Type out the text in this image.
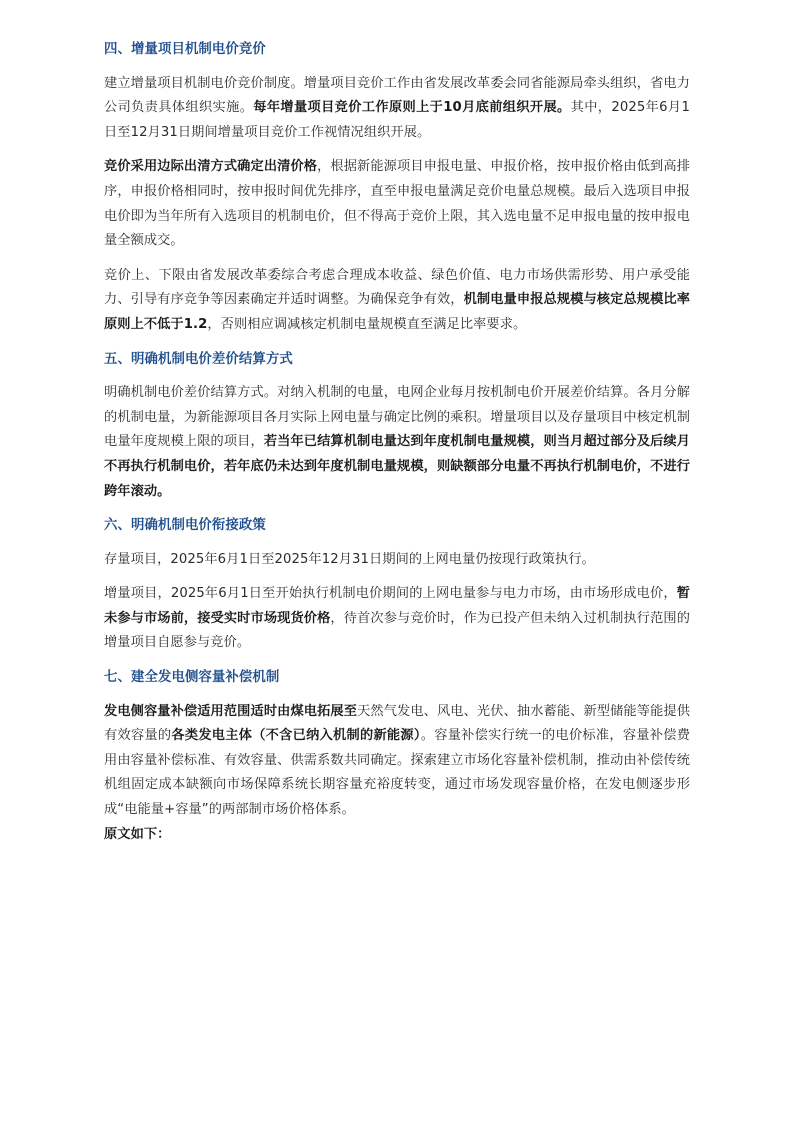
四、增量项目机制电价竞价

建立增量项目机制电价竞价制度。增量项目竞价工作由省发展改革委会同省能源局牵头组织，省电力公司负责具体组织实施。每年增量项目竞价工作原则上于10月底前组织开展。其中，2025年6月1日至12月31日期间增量项目竞价工作视情况组织开展。

竞价采用边际出清方式确定出清价格，根据新能源项目申报电量、申报价格，按申报价格由低到高排序，申报价格相同时，按申报时间优先排序，直至申报电量满足竞价电量总规模。最后入选项目申报电价即为当年所有入选项目的机制电价，但不得高于竞价上限，其入选电量不足申报电量的按申报电量全额成交。

竞价上、下限由省发展改革委综合考虑合理成本收益、绿色价值、电力市场供需形势、用户承受能力、引导有序竞争等因素确定并适时调整。为确保竞争有效，机制电量申报总规模与核定总规模比率原则上不低于1.2，否则相应调减核定机制电量规模直至满足比率要求。

五、明确机制电价差价结算方式

明确机制电价差价结算方式。对纳入机制的电量，电网企业每月按机制电价开展差价结算。各月分解的机制电量，为新能源项目各月实际上网电量与确定比例的乘积。增量项目以及存量项目中核定机制电量年度规模上限的项目，若当年已结算机制电量达到年度机制电量规模，则当月超过部分及后续月不再执行机制电价，若年底仍未达到年度机制电量规模，则缺额部分电量不再执行机制电价，不进行跨年滚动。

六、明确机制电价衔接政策

存量项目，2025年6月1日至2025年12月31日期间的上网电量仍按现行政策执行。

增量项目，2025年6月1日至开始执行机制电价期间的上网电量参与电力市场，由市场形成电价，暂未参与市场前，接受实时市场现货价格，待首次参与竞价时，作为已投产但未纳入过机制执行范围的增量项目自愿参与竞价。

七、建全发电侧容量补偿机制

发电侧容量补偿适用范围适时由煤电拓展至天然气发电、风电、光伏、抽水蓄能、新型储能等能提供有效容量的各类发电主体（不含已纳入机制的新能源）。容量补偿实行统一的电价标准，容量补偿费用由容量补偿标准、有效容量、供需系数共同确定。探索建立市场化容量补偿机制，推动由补偿传统机组固定成本缺额向市场保障系统长期容量充裕度转变，通过市场发现容量价格，在发电侧逐步形成“电能量+容量”的两部制市场价格体系。

原文如下：
